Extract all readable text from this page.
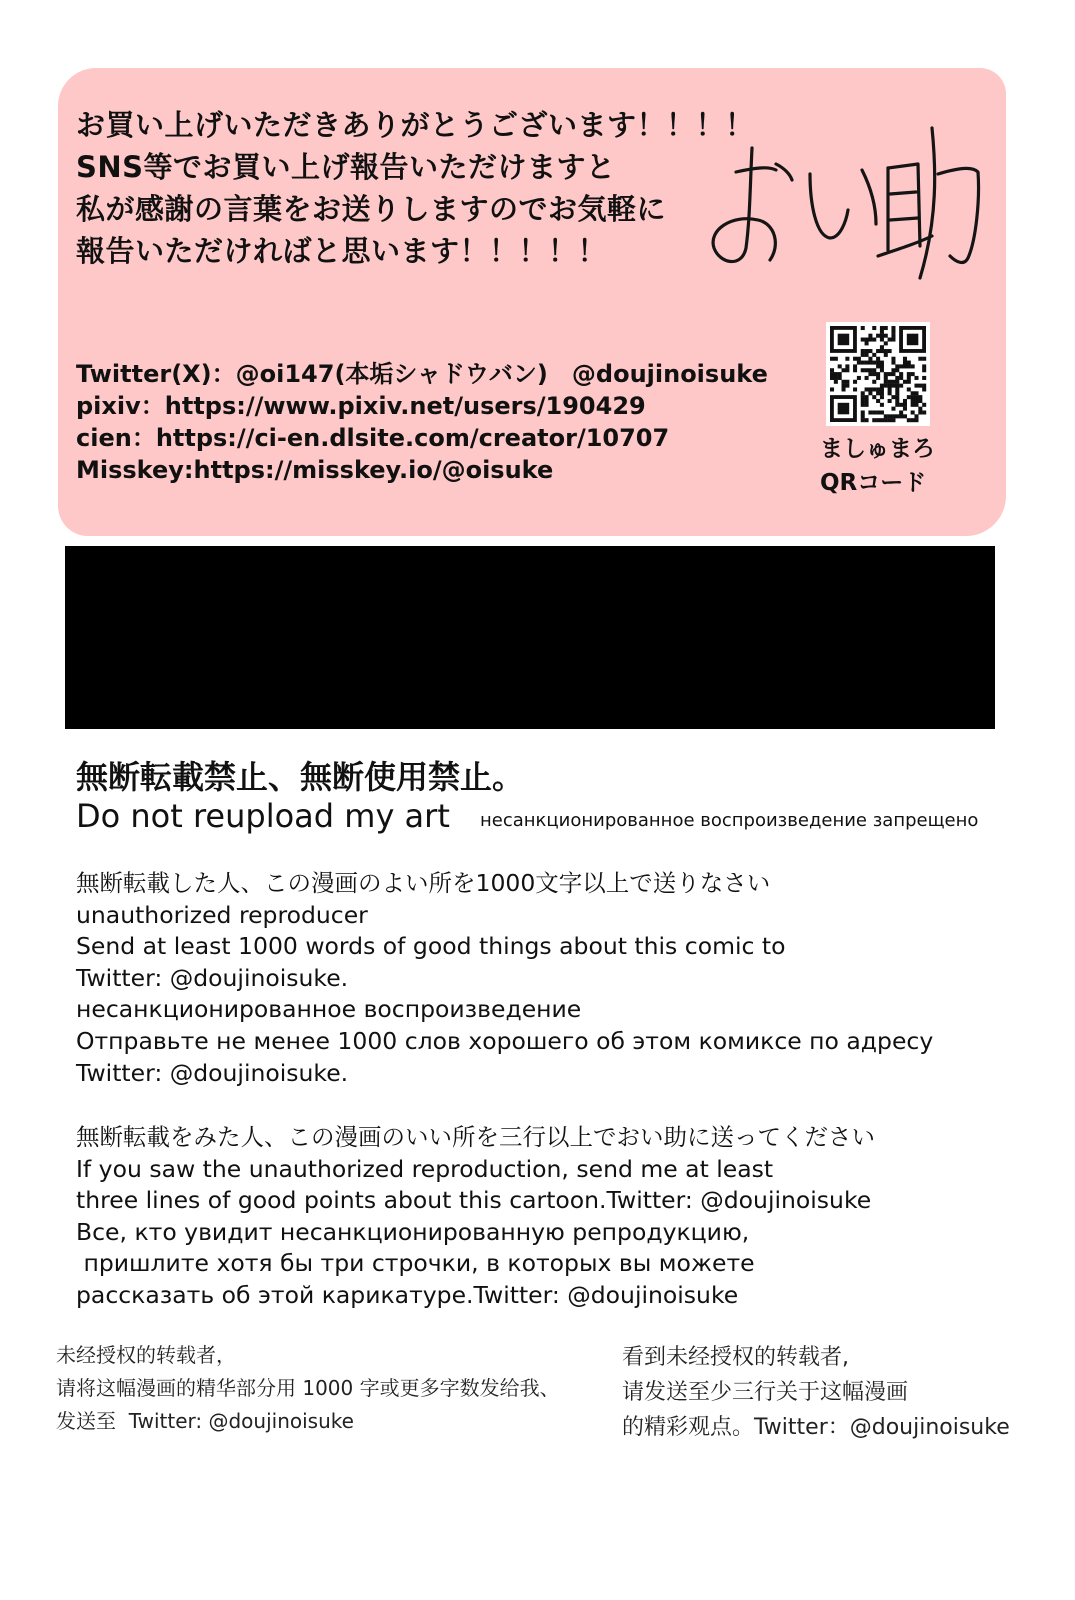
お買い上げいただきありがとうございます！！！！
SNS等でお買い上げ報告いただけますと
私が感謝の言葉をお送りしますのでお気軽に
報告いただければと思います！！！！！
Twitter(X)：@oi147(本垢シャドウバン)　@doujinoisuke
pixiv：https://www.pixiv.net/users/190429
cien：https://ci-en.dlsite.com/creator/10707
Misskey:https://misskey.io/@oisuke
ましゅまろ
QRコード
無断転載禁止、無断使用禁止。
Do not reupload my art несанкционированное воспроизведение запрещено
無断転載した人、この漫画のよい所を1000文字以上で送りなさい
unauthorized reproducer
Send at least 1000 words of good things about this comic to
Twitter: @doujinoisuke.
несанкционированное воспроизведение
Отправьте не менее 1000 слов хорошего об этом комиксе по адресу
Twitter: @doujinoisuke.
無断転載をみた人、この漫画のいい所を三行以上でおい助に送ってください
If you saw the unauthorized reproduction, send me at least
three lines of good points about this cartoon.Twitter: @doujinoisuke
Все, кто увидит несанкционированную репродукцию,
пришлите хотя бы три строчки, в которых вы можете
рассказать об этой карикатуре.Twitter: @doujinoisuke
未经授权的转载者，
请将这幅漫画的精华部分用 1000 字或更多字数发给我、
发送至  Twitter: @doujinoisuke
看到未经授权的转载者,
请发送至少三行关于这幅漫画
的精彩观点。Twitter：@doujinoisuke
